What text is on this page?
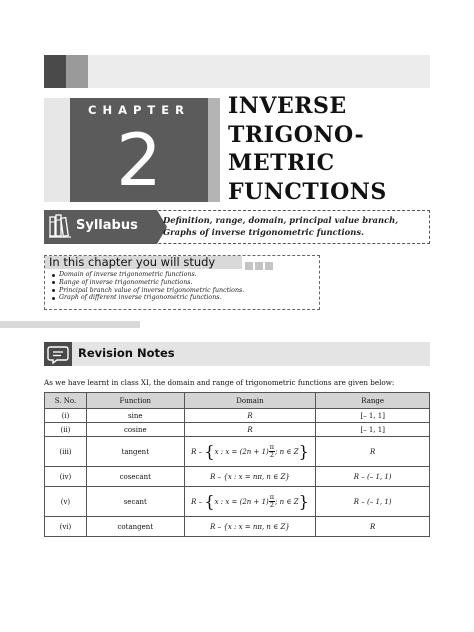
CHAPTER
2
INVERSE
TRIGONO-
METRIC
FUNCTIONS
Syllabus	Definition, range, domain, principal value branch, Graphs of inverse trigonometric functions.
In this chapter you will study
Domain of inverse trigonometric functions.
Range of inverse trigonometric functions.
Principal branch value of inverse trigonometric functions.
Graph of different inverse trigonometric functions.
Revision Notes
As we have learnt in class XI, the domain and range of trigonometric functions are given below:
S. No.	Function	Domain	Range
(i)	sine	R	[– 1, 1]
(ii)	cosine	R	[– 1, 1]
(iii)	tangent	R – {x : $x = (2n + 1) \frac{\pi}{2}$ ; n ∈ Z}	R
(iv)	cosecant	R – {x : x = nπ, n ∈ Z}	R – (– 1, 1)
(v)	secant	R – {x : $x = (2n + 1) \frac{\pi}{2}$ ; n ∈ Z}	R – (– 1, 1)
(vi)	cotangent	R – {x : x = nπ, n ∈ Z}	R
